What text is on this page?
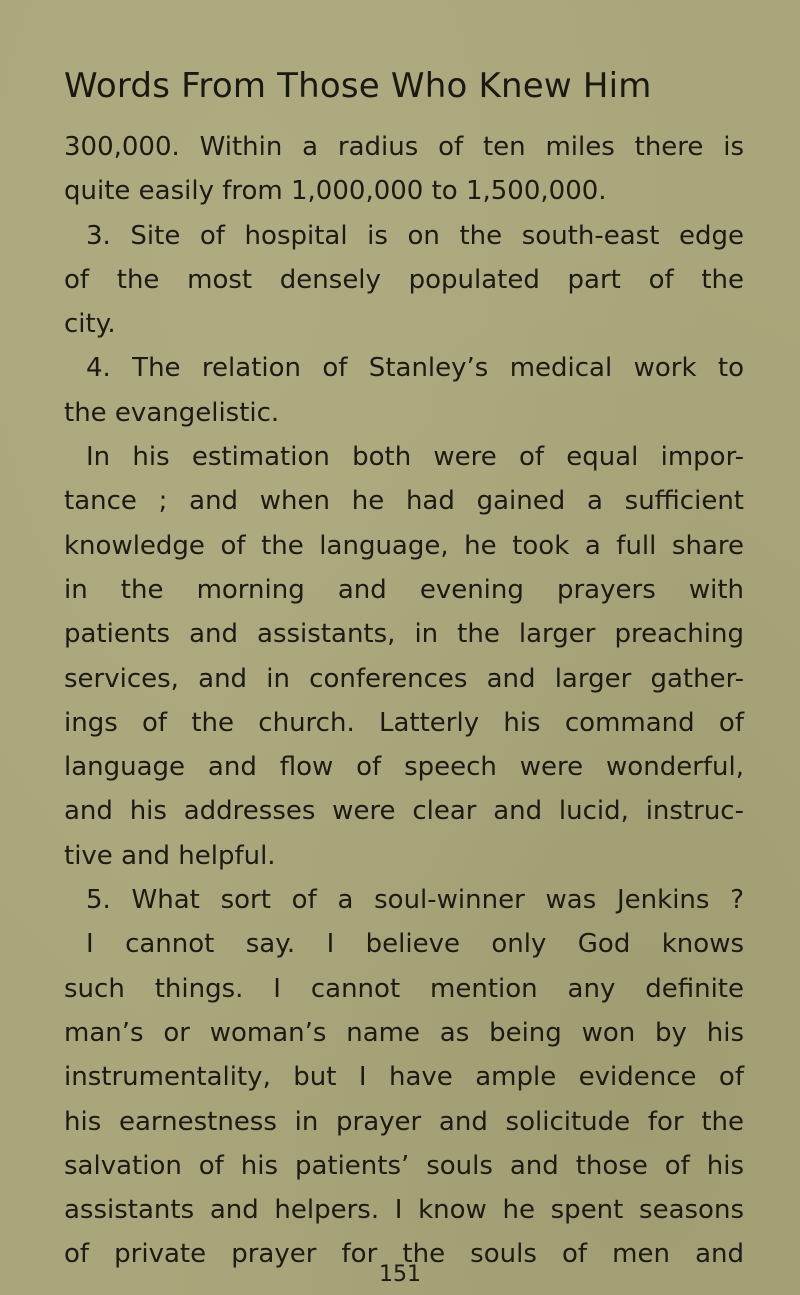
Words From Those Who Knew Him
300,000. Within a radius of ten miles there is
quite easily from 1,000,000 to 1,500,000.
3. Site of hospital is on the south-east edge
of the most densely populated part of the
city.
4. The relation of Stanley’s medical work to
the evangelistic.
In his estimation both were of equal impor-
tance ; and when he had gained a sufficient
knowledge of the language, he took a full share
in the morning and evening prayers with
patients and assistants, in the larger preaching
services, and in conferences and larger gather-
ings of the church. Latterly his command of
language and flow of speech were wonderful,
and his addresses were clear and lucid, instruc-
tive and helpful.
5. What sort of a soul-winner was Jenkins ?
I cannot say. I believe only God knows
such things. I cannot mention any definite
man’s or woman’s name as being won by his
instrumentality, but I have ample evidence of
his earnestness in prayer and solicitude for the
salvation of his patients’ souls and those of his
assistants and helpers. I know he spent seasons
of private prayer for the souls of men and
151
